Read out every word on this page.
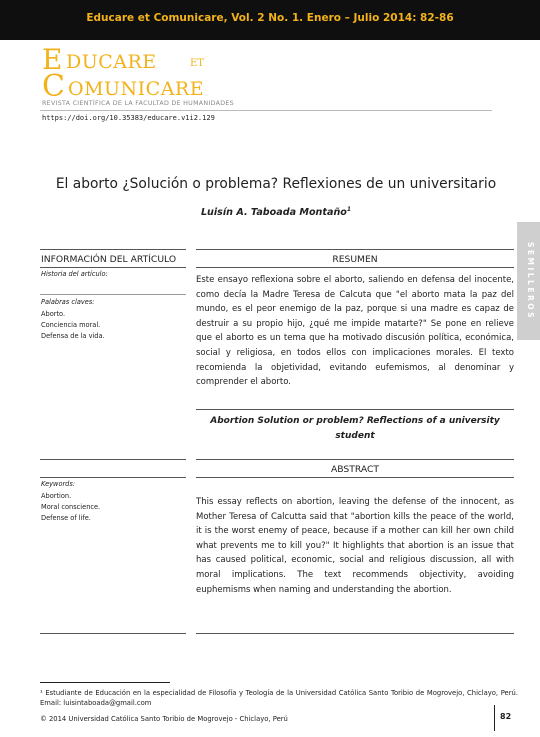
Educare et Comunicare, Vol. 2 No. 1. Enero – Julio 2014: 82-86
E DUCARE	ET
C OMUNICARE
REVISTA CIENTÍFICA DE LA FACULTAD DE HUMANIDADES
https://doi.org/10.35383/educare.v1i2.129
SEMILLEROS
El aborto ¿Solución o problema? Reflexiones de un universitario
Luisín A. Taboada Montaño$^1$
INFORMACIÓN DEL ARTÍCULO	RESUMEN
Historia del artículo:
Palabras claves:
Aborto.
Conciencia moral.
Defensa de la vida.
Este ensayo reflexiona sobre el aborto, saliendo en defensa del inocente, como decía la Madre Teresa de Calcuta que "el aborto mata la paz del mundo, es el peor enemigo de la paz, porque si una madre es capaz de destruir a su propio hijo, ¿qué me impide matarte?" Se pone en relieve que el aborto es un tema que ha motivado discusión política, económica, social y religiosa, en todos ellos con implicaciones morales. El texto recomienda la objetividad, evitando eufemismos, al denominar y comprender el aborto.
Abortion Solution or problem? Reflections of a university student
ABSTRACT
Keywords:
Abortion.
Moral conscience.
Defense of life.
This essay reflects on abortion, leaving the defense of the innocent, as Mother Teresa of Calcutta said that "abortion kills the peace of the world, it is the worst enemy of peace, because if a mother can kill her own child what prevents me to kill you?" It highlights that abortion is an issue that has caused political, economic, social and religious discussion, all with moral implications. The text recommends objectivity, avoiding euphemisms when naming and understanding the abortion.
¹ Estudiante de Educación en la especialidad de Filosofía y Teología de la Universidad Católica Santo Toribio de Mogrovejo, Chiclayo, Perú. Email: luisintaboada@gmail.com
© 2014 Universidad Católica Santo Toribio de Mogrovejo - Chiclayo, Perú	82
